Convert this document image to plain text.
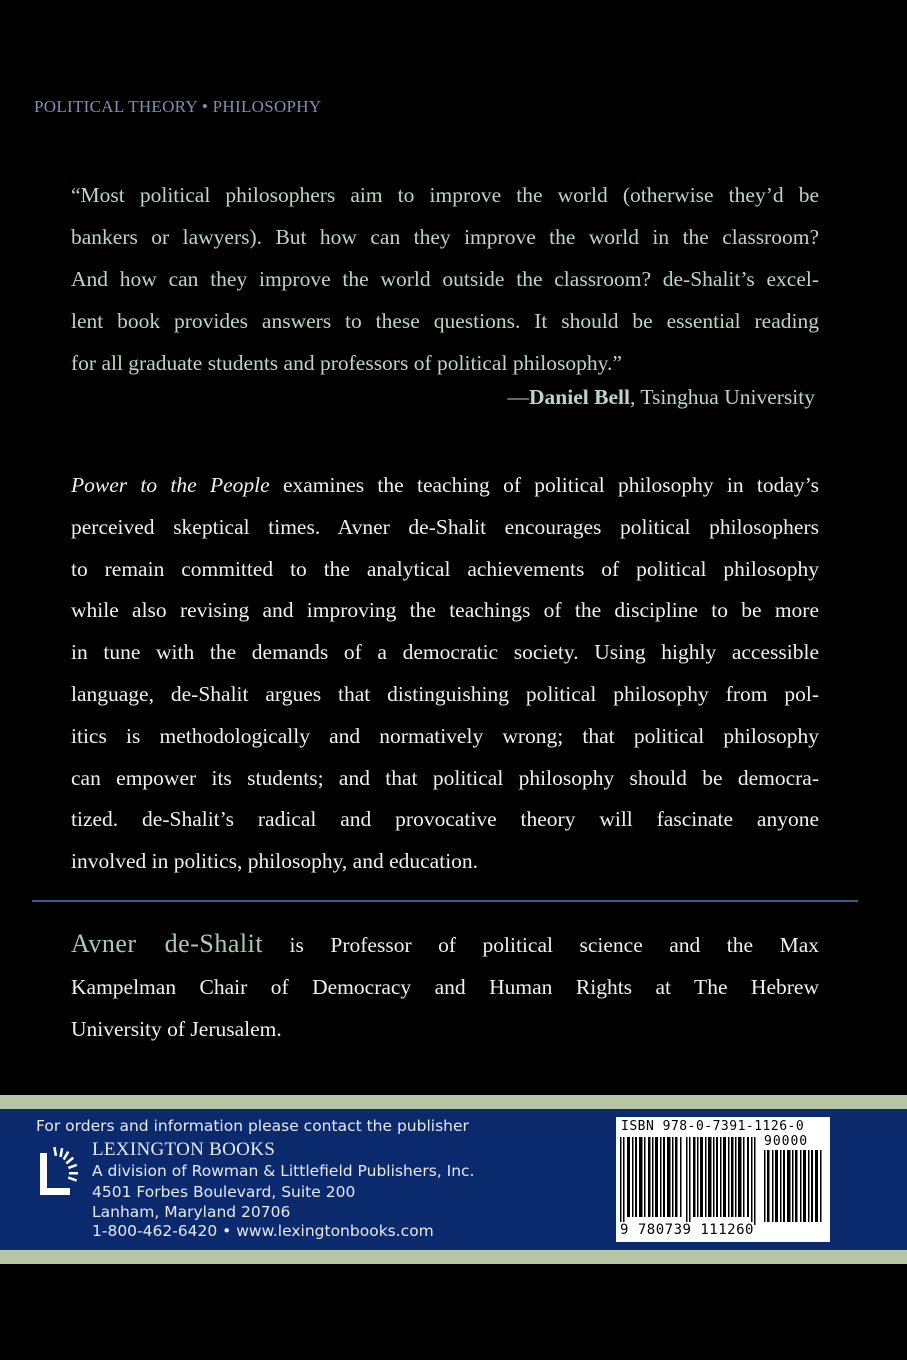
POLITICAL THEORY • PHILOSOPHY
“Most political philosophers aim to improve the world (otherwise they’d be
bankers or lawyers). But how can they improve the world in the classroom?
And how can they improve the world outside the classroom? de-Shalit’s excel-
lent book provides answers to these questions. It should be essential reading
for all graduate students and professors of political philosophy.”
—Daniel Bell, Tsinghua University
Power to the People examines the teaching of political philosophy in today’s
perceived skeptical times. Avner de-Shalit encourages political philosophers
to remain committed to the analytical achievements of political philosophy
while also revising and improving the teachings of the discipline to be more
in tune with the demands of a democratic society. Using highly accessible
language, de-Shalit argues that distinguishing political philosophy from pol-
itics is methodologically and normatively wrong; that political philosophy
can empower its students; and that political philosophy should be democra-
tized. de-Shalit’s radical and provocative theory will fascinate anyone
involved in politics, philosophy, and education.
Avner de-Shalit is Professor of political science and the Max
Kampelman Chair of Democracy and Human Rights at The Hebrew
University of Jerusalem.
For orders and information please contact the publisher
LEXINGTON BOOKS
A division of Rowman & Littlefield Publishers, Inc.
4501 Forbes Boulevard, Suite 200
Lanham, Maryland 20706
1-800-462-6420 • www.lexingtonbooks.com
ISBN 978-0-7391-1126-0
90000
9 780739 111260
